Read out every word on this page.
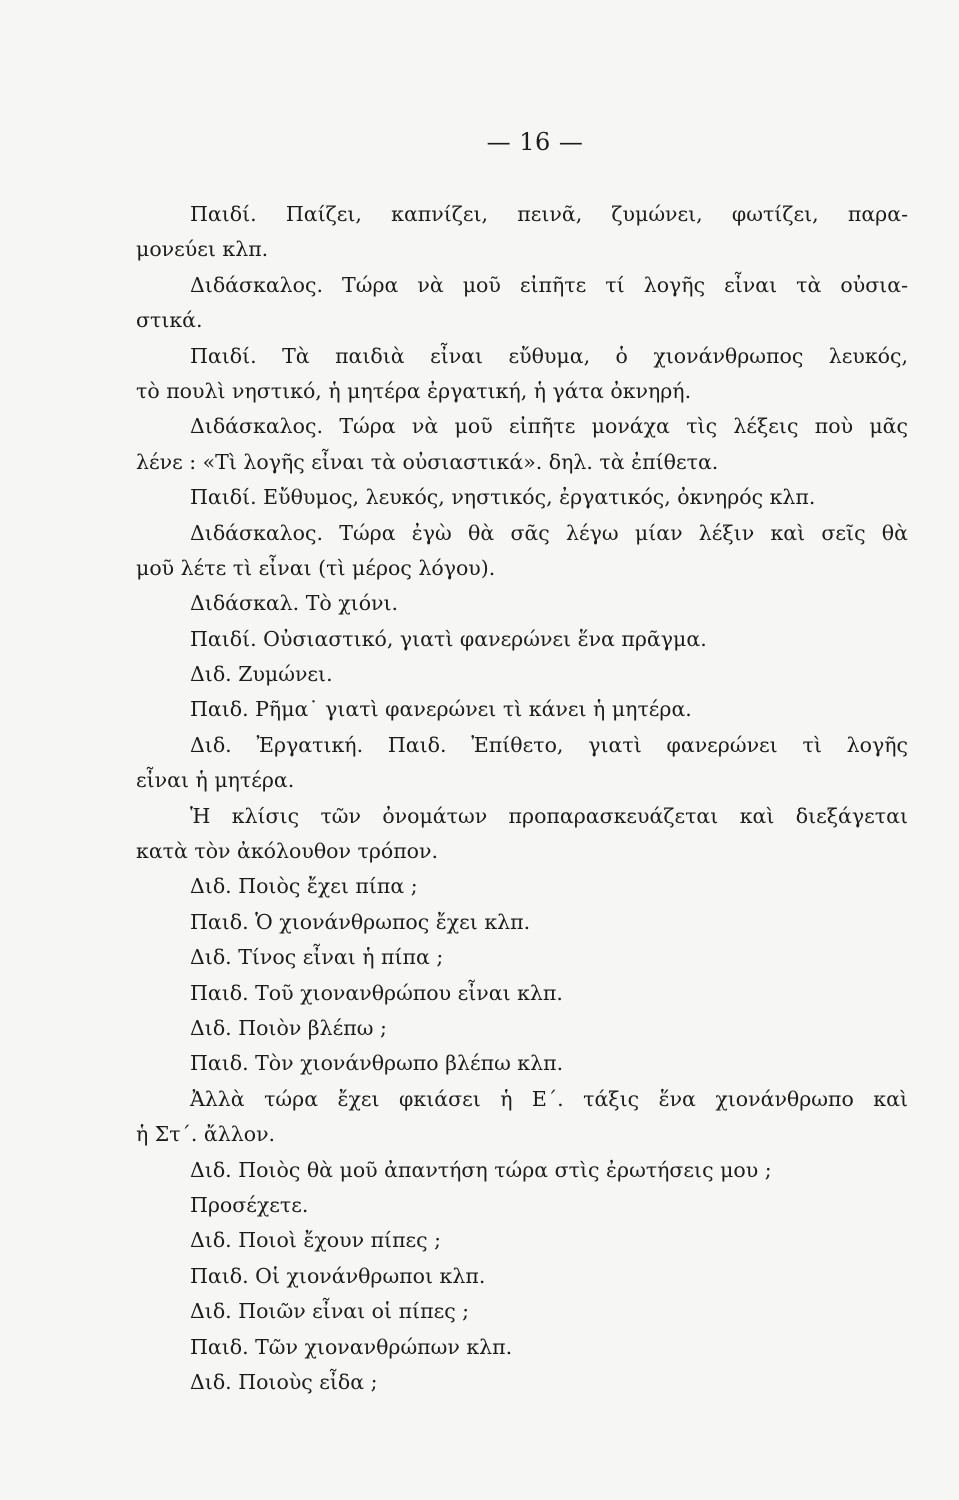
— 16 —
Παιδί. Παίζει, καπνίζει, πεινᾶ, ζυμώνει, φωτίζει, παρα-
μονεύει κλπ.
Διδάσκαλος. Τώρα νὰ μοῦ εἰπῆτε τί λογῆς εἶναι τὰ οὐσια-
στικά.
Παιδί. Τὰ παιδιὰ εἶναι εὔθυμα, ὁ χιονάνθρωπος λευκός,
τὸ πουλὶ νηστικό, ἡ μητέρα ἐργατική, ἡ γάτα ὀκνηρή.
Διδάσκαλος. Τώρα νὰ μοῦ εἰπῆτε μονάχα τὶς λέξεις ποὺ μᾶς
λένε : «Τὶ λογῆς εἶναι τὰ οὐσιαστικά». δηλ. τὰ ἐπίθετα.
Παιδί. Εὔθυμος, λευκός, νηστικός, ἐργατικός, ὀκνηρός κλπ.
Διδάσκαλος. Τώρα ἐγὼ θὰ σᾶς λέγω μίαν λέξιν καὶ σεῖς θὰ
μοῦ λέτε τὶ εἶναι (τὶ μέρος λόγου).
Διδάσκαλ. Τὸ χιόνι.
Παιδί. Οὐσιαστικό, γιατὶ φανερώνει ἕνα πρᾶγμα.
Διδ. Ζυμώνει.
Παιδ. Ρῆμα˙ γιατὶ φανερώνει τὶ κάνει ἡ μητέρα.
Διδ. Ἐργατική. Παιδ. Ἐπίθετο, γιατὶ φανερώνει τὶ λογῆς
εἶναι ἡ μητέρα.
Ἡ κλίσις τῶν ὀνομάτων προπαρασκευάζεται καὶ διεξάγεται
κατὰ τὸν ἀκόλουθον τρόπον.
Διδ. Ποιὸς ἔχει πίπα ;
Παιδ. Ὁ χιονάνθρωπος ἔχει κλπ.
Διδ. Τίνος εἶναι ἡ πίπα ;
Παιδ. Τοῦ χιονανθρώπου εἶναι κλπ.
Διδ. Ποιὸν βλέπω ;
Παιδ. Τὸν χιονάνθρωπο βλέπω κλπ.
Ἀλλὰ τώρα ἔχει φκιάσει ἡ Ε΄. τάξις ἕνα χιονάνθρωπο καὶ
ἡ Στ΄. ἄλλον.
Διδ. Ποιὸς θὰ μοῦ ἀπαντήση τώρα στὶς ἐρωτήσεις μου ;
Προσέχετε.
Διδ. Ποιοὶ ἔχουν πίπες ;
Παιδ. Οἱ χιονάνθρωποι κλπ.
Διδ. Ποιῶν εἶναι οἱ πίπες ;
Παιδ. Τῶν χιονανθρώπων κλπ.
Διδ. Ποιοὺς εἶδα ;
